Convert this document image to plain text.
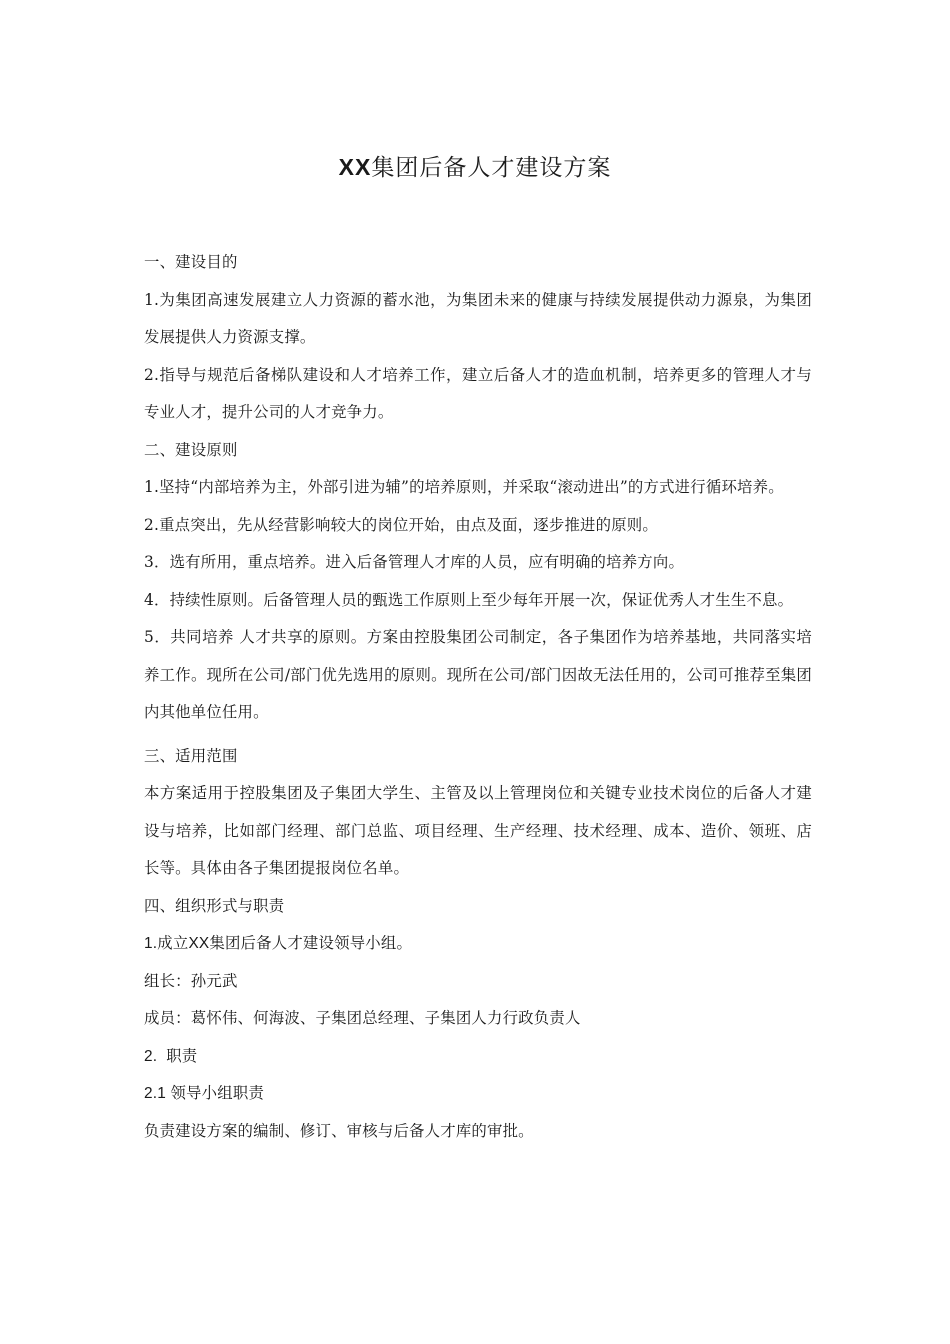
XX集团后备人才建设方案

一、建设目的

1.为集团高速发展建立人力资源的蓄水池，为集团未来的健康与持续发展提供动力源泉，为集团发展提供人力资源支撑。

2.指导与规范后备梯队建设和人才培养工作，建立后备人才的造血机制，培养更多的管理人才与专业人才，提升公司的人才竞争力。

二、建设原则

1.坚持“内部培养为主，外部引进为辅”的培养原则，并采取“滚动进出”的方式进行循环培养。

2.重点突出，先从经营影响较大的岗位开始，由点及面，逐步推进的原则。

3．选有所用，重点培养。进入后备管理人才库的人员，应有明确的培养方向。

4．持续性原则。后备管理人员的甄选工作原则上至少每年开展一次，保证优秀人才生生不息。

5．共同培养 人才共享的原则。方案由控股集团公司制定，各子集团作为培养基地，共同落实培养工作。现所在公司/部门优先选用的原则。现所在公司/部门因故无法任用的，公司可推荐至集团内其他单位任用。

三、适用范围

本方案适用于控股集团及子集团大学生、主管及以上管理岗位和关键专业技术岗位的后备人才建设与培养，比如部门经理、部门总监、项目经理、生产经理、技术经理、成本、造价、领班、店长等。具体由各子集团提报岗位名单。

四、组织形式与职责

1.成立XX集团后备人才建设领导小组。

组长：孙元武

成员：葛怀伟、何海波、子集团总经理、子集团人力行政负责人

2. 职责

2.1 领导小组职责

负责建设方案的编制、修订、审核与后备人才库的审批。
